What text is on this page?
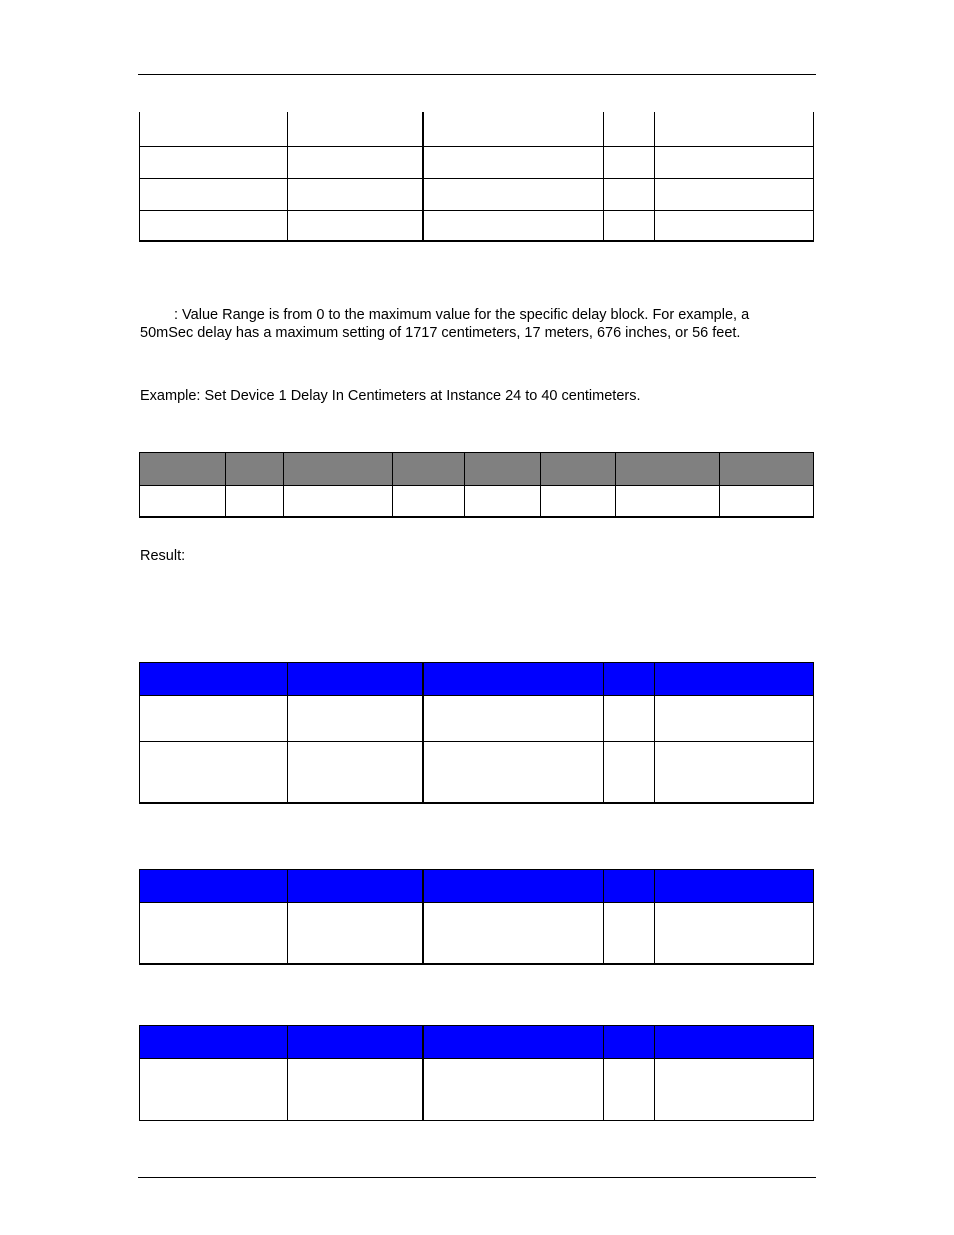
: Value Range is from 0 to the maximum value for the specific delay block. For example, a

50mSec delay has a maximum setting of 1717 centimeters, 17 meters, 676 inches, or 56 feet.

Example: Set Device 1 Delay In Centimeters at Instance 24 to 40 centimeters.

Result:
